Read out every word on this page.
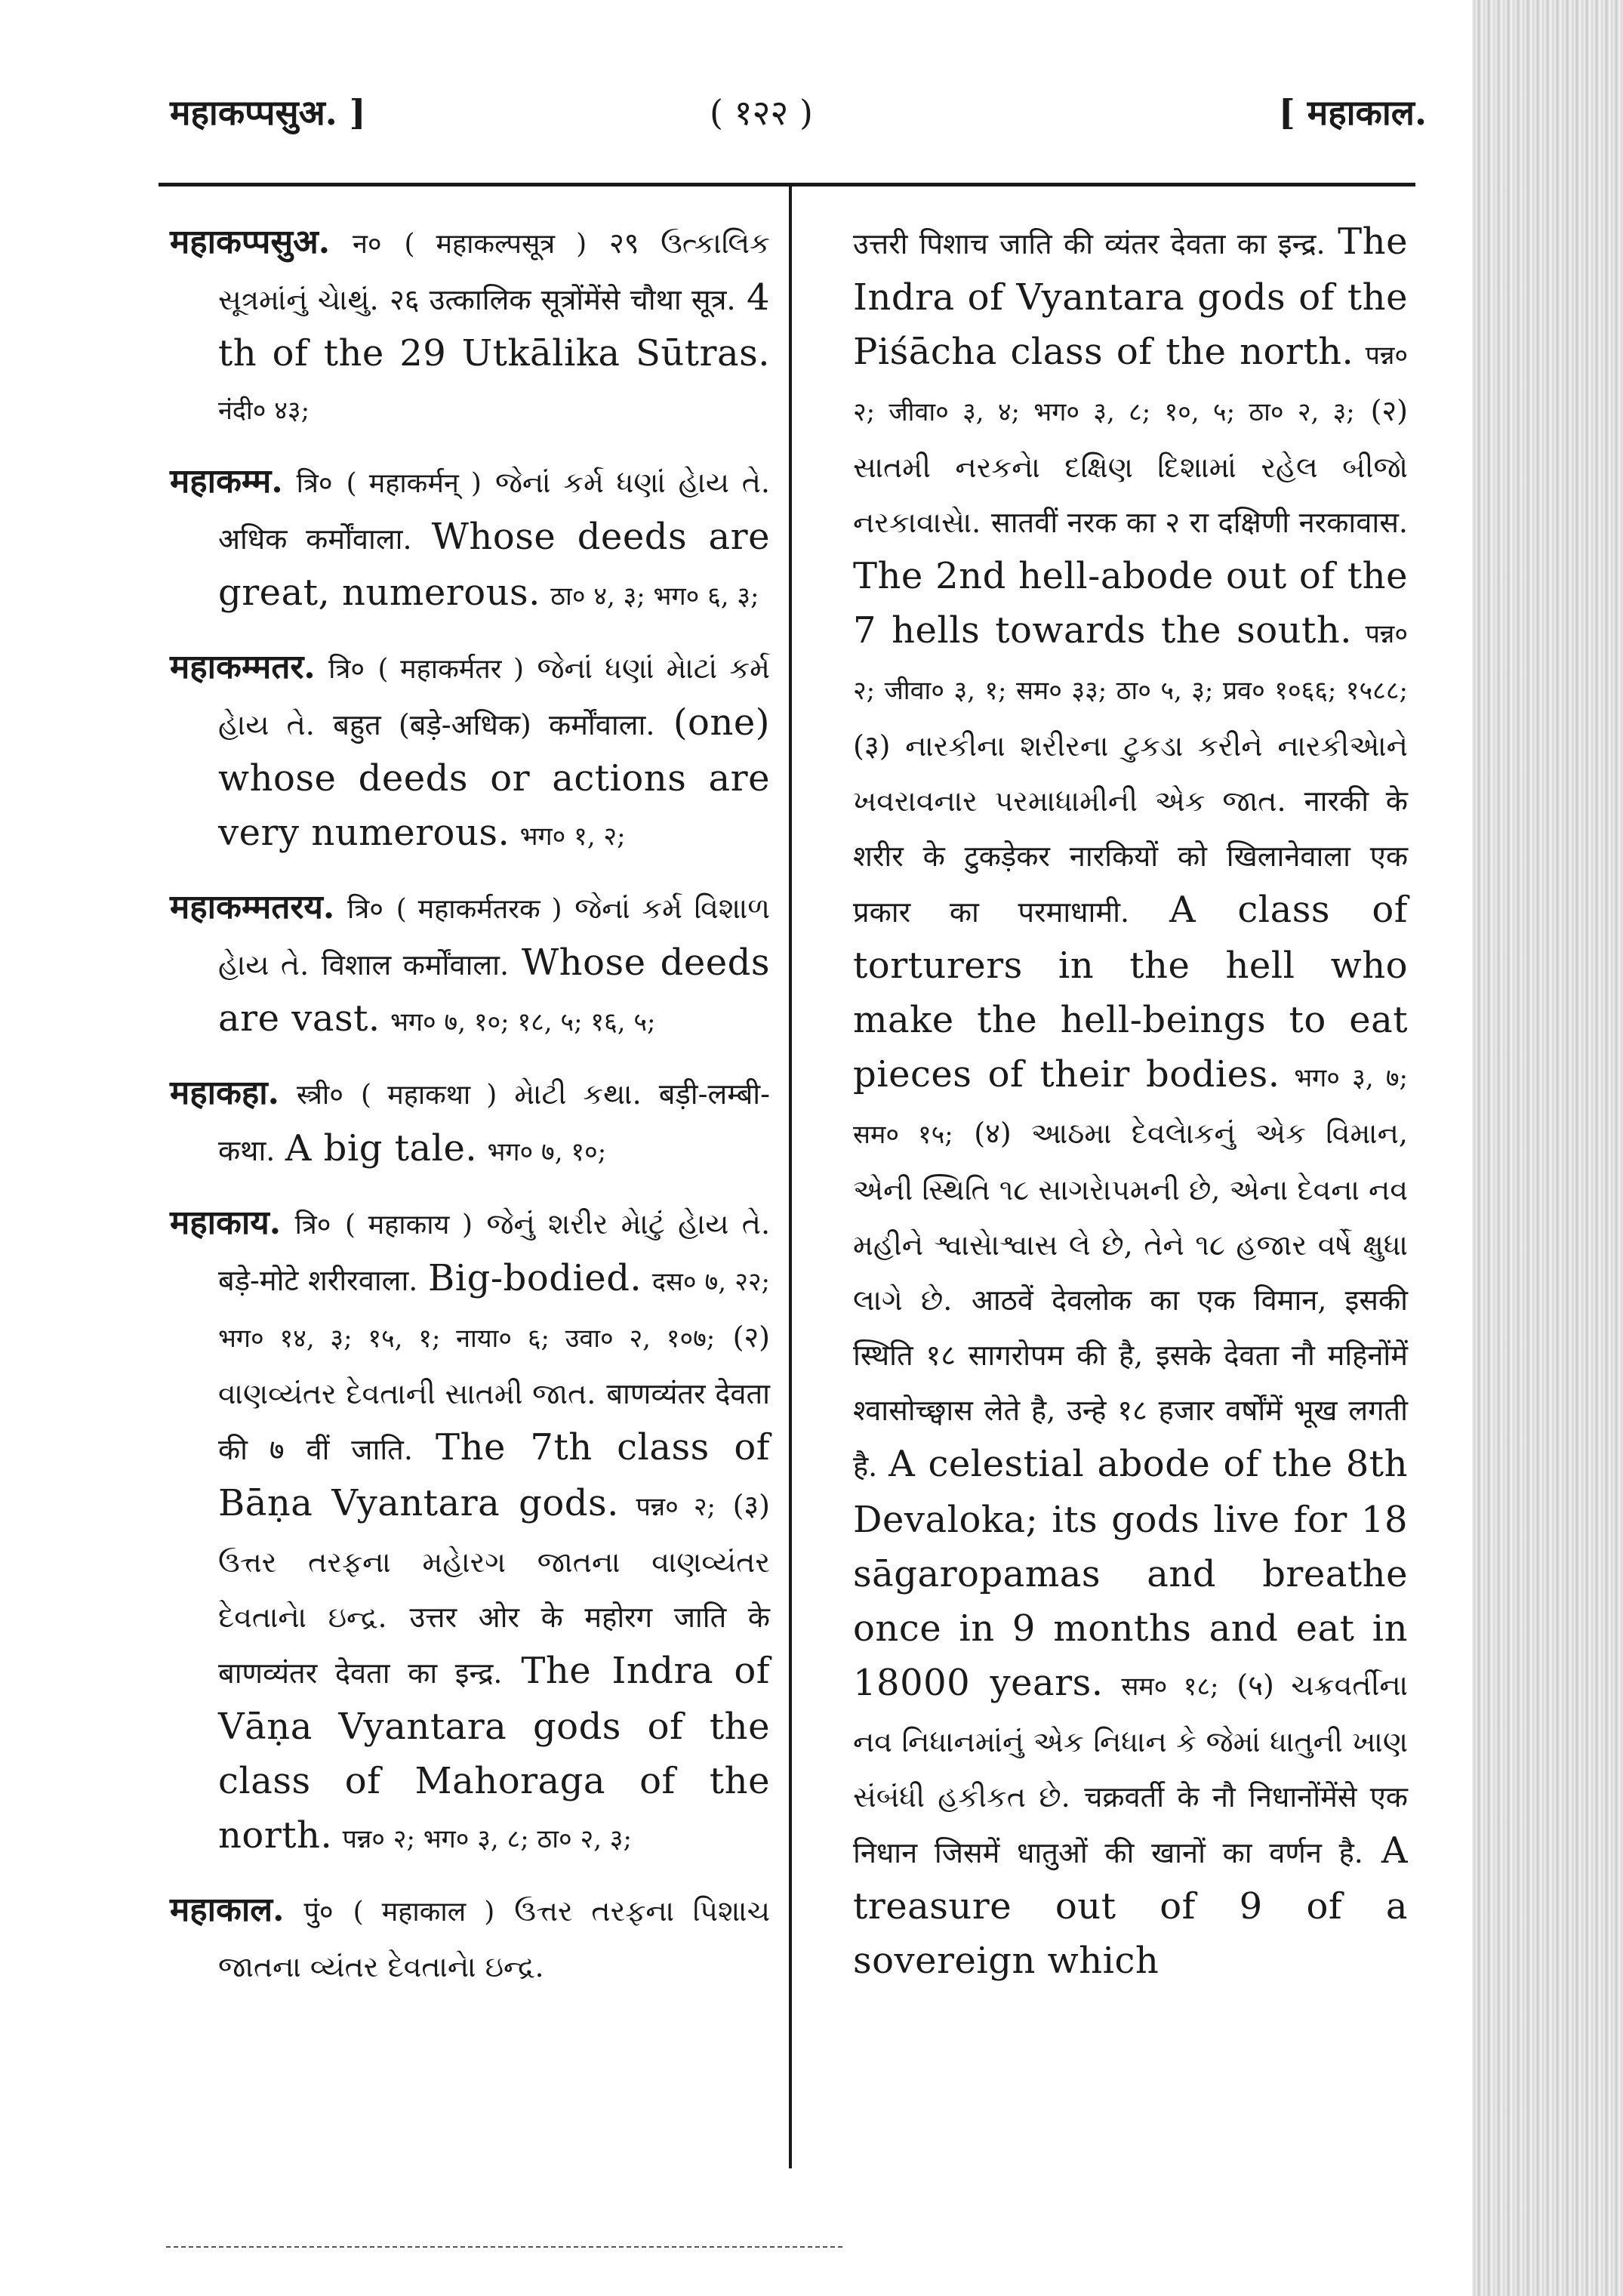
महाकप्पसुअ. ]	( १२२ )	[ महाकाल.
महाकप्पसुअ. न० ( महाकल्पसूत्र ) २९ ઉત્કાલિક સૂત્રમાંનું ચેાથું. २६ उत्कालिक सूत्रोंमेंसे चौथा सूत्र. 4 th of the 29 Utkālika Sūtras. नंदी० ४३;
महाकम्म. त्रि० ( महाकर्मन् ) જેનાં કર્મ ધણાં હેાય તે. अधिक कर्मोंवाला. Whose deeds are great, numerous. ठा० ४, ३; भग० ६, ३;
महाकम्मतर. त्रि० ( महाकर्मतर ) જેનાં ધણાં મેાટાં કર્મ હેાય તે. बहुत (बड़े-अधिक) कर्मोंवाला. (one) whose deeds or actions are very numerous. भग० १, २;
महाकम्मतरय. त्रि० ( महाकर्मतरक ) જેનાં કર્મ વિશાળ હેાય તે. विशाल कर्मोंवाला. Whose deeds are vast. भग० ७, १०; १८, ५; १६, ५;
महाकहा. स्त्री० ( महाकथा ) મેાટી કથા. बड़ी-लम्बी-कथा. A big tale. भग० ७, १०;
महाकाय. त्रि० ( महाकाय ) જેનું શરીર મેાટું હેાય તે. बड़े-मोटे शरीरवाला. Big-bodied. दस० ७, २२; भग० १४, ३; १५, १; नाया० ६; उवा० २, १०७; (२) વાણવ્યંતર દેવતાની સાતમી જાત. बाणव्यंतर देवता की ७ वीं जाति. The 7th class of Bāṇa Vyantara gods. पन्न० २; (३) ઉત્તર તરફના મહેારગ જાતના વાણવ્યંતર દેવતાનેા ઇન્દ્ર. उत्तर ओर के महोरग जाति के बाणव्यंतर देवता का इन्द्र. The Indra of Vāṇa Vyantara gods of the class of Mahoraga of the north. पन्न० २; भग० ३, ८; ठा० २, ३;
महाकाल. पुं० ( महाकाल ) ઉત્તર તરફના પિશાચ જાતના વ્યંતર દેવતાનેા ઇન્દ્ર.
उत्तरी पिशाच जाति की व्यंतर देवता का इन्द्र. The Indra of Vyantara gods of the Piśācha class of the north. पन्न० २; जीवा० ३, ४; भग० ३, ८; १०, ५; ठा० २, ३; (२) સાતમી નરકનેા દક્ષિણ દિશામાં રહેલ બીજો નરકાવાસેા. सातवीं नरक का २ रा दक्षिणी नरकावास. The 2nd hell-abode out of the 7 hells towards the south. पन्न० २; जीवा० ३, १; सम० ३३; ठा० ५, ३; प्रव० १०६६; १५८८; (३) નારકીના શરીરના ટુકડા કરીને નારકીએાને ખવરાવનાર પરમાધામીની એક જાત. नारकी के शरीर के टुकड़ेकर नारकियों को खिलानेवाला एक प्रकार का परमाधामी. A class of torturers in the hell who make the hell-beings to eat pieces of their bodies. भग० ३, ७; सम० १५; (४) આઠમા દેવલેાકનું એક વિમાન, એની સ્થિતિ ૧૮ સાગરેાપમની છે, એના દેવના નવ મહીને શ્વાસેાશ્વાસ લે છે, તેને ૧૮ હજાર વર્ષે ક્ષુધા લાગે છે. आठवें देवलोक का एक विमान, इसकी स्थिति १८ सागरोपम की है, इसके देवता नौ महिनोंमें श्वासोच्छ्वास लेते है, उन्हे १८ हजार वर्षोंमें भूख लगती है. A celestial abode of the 8th Devaloka; its gods live for 18 sāgaropamas and breathe once in 9 months and eat in 18000 years. सम० १८; (५) ચક્રવર્તીના નવ નિધાનમાંનું એક નિધાન કે જેમાં ધાતુની ખાણ સંબંધી હકીકત છે. चक्रवर्ती के नौ निधानोंमेंसे एक निधान जिसमें धातुओं की खानों का वर्णन है. A treasure out of 9 of a sovereign which
